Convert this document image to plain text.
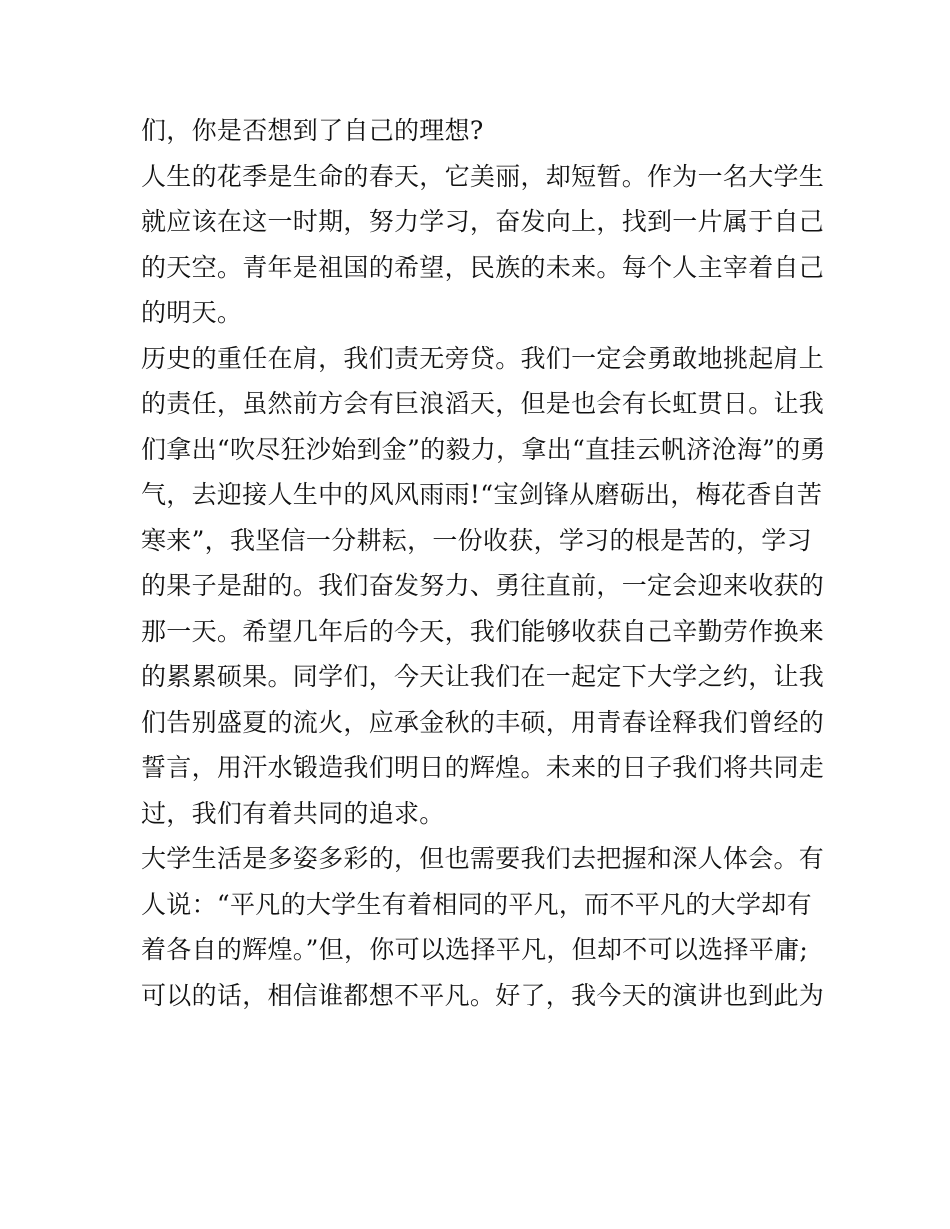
们，你是否想到了自己的理想?
人生的花季是生命的春天，它美丽，却短暂。作为一名大学生
就应该在这一时期，努力学习，奋发向上，找到一片属于自己
的天空。青年是祖国的希望，民族的未来。每个人主宰着自己
的明天。
历史的重任在肩，我们责无旁贷。我们一定会勇敢地挑起肩上
的责任，虽然前方会有巨浪滔天，但是也会有长虹贯日。让我
们拿出“吹尽狂沙始到金”的毅力，拿出“直挂云帆济沧海”的勇
气，去迎接人生中的风风雨雨!“宝剑锋从磨砺出，梅花香自苦
寒来”，我坚信一分耕耘，一份收获，学习的根是苦的，学习
的果子是甜的。我们奋发努力、勇往直前，一定会迎来收获的
那一天。希望几年后的今天，我们能够收获自己辛勤劳作换来
的累累硕果。同学们，今天让我们在一起定下大学之约，让我
们告别盛夏的流火，应承金秋的丰硕，用青春诠释我们曾经的
誓言，用汗水锻造我们明日的辉煌。未来的日子我们将共同走
过，我们有着共同的追求。
大学生活是多姿多彩的，但也需要我们去把握和深人体会。有
人说：“平凡的大学生有着相同的平凡，而不平凡的大学却有
着各自的辉煌。”但，你可以选择平凡，但却不可以选择平庸;
可以的话，相信谁都想不平凡。好了，我今天的演讲也到此为
